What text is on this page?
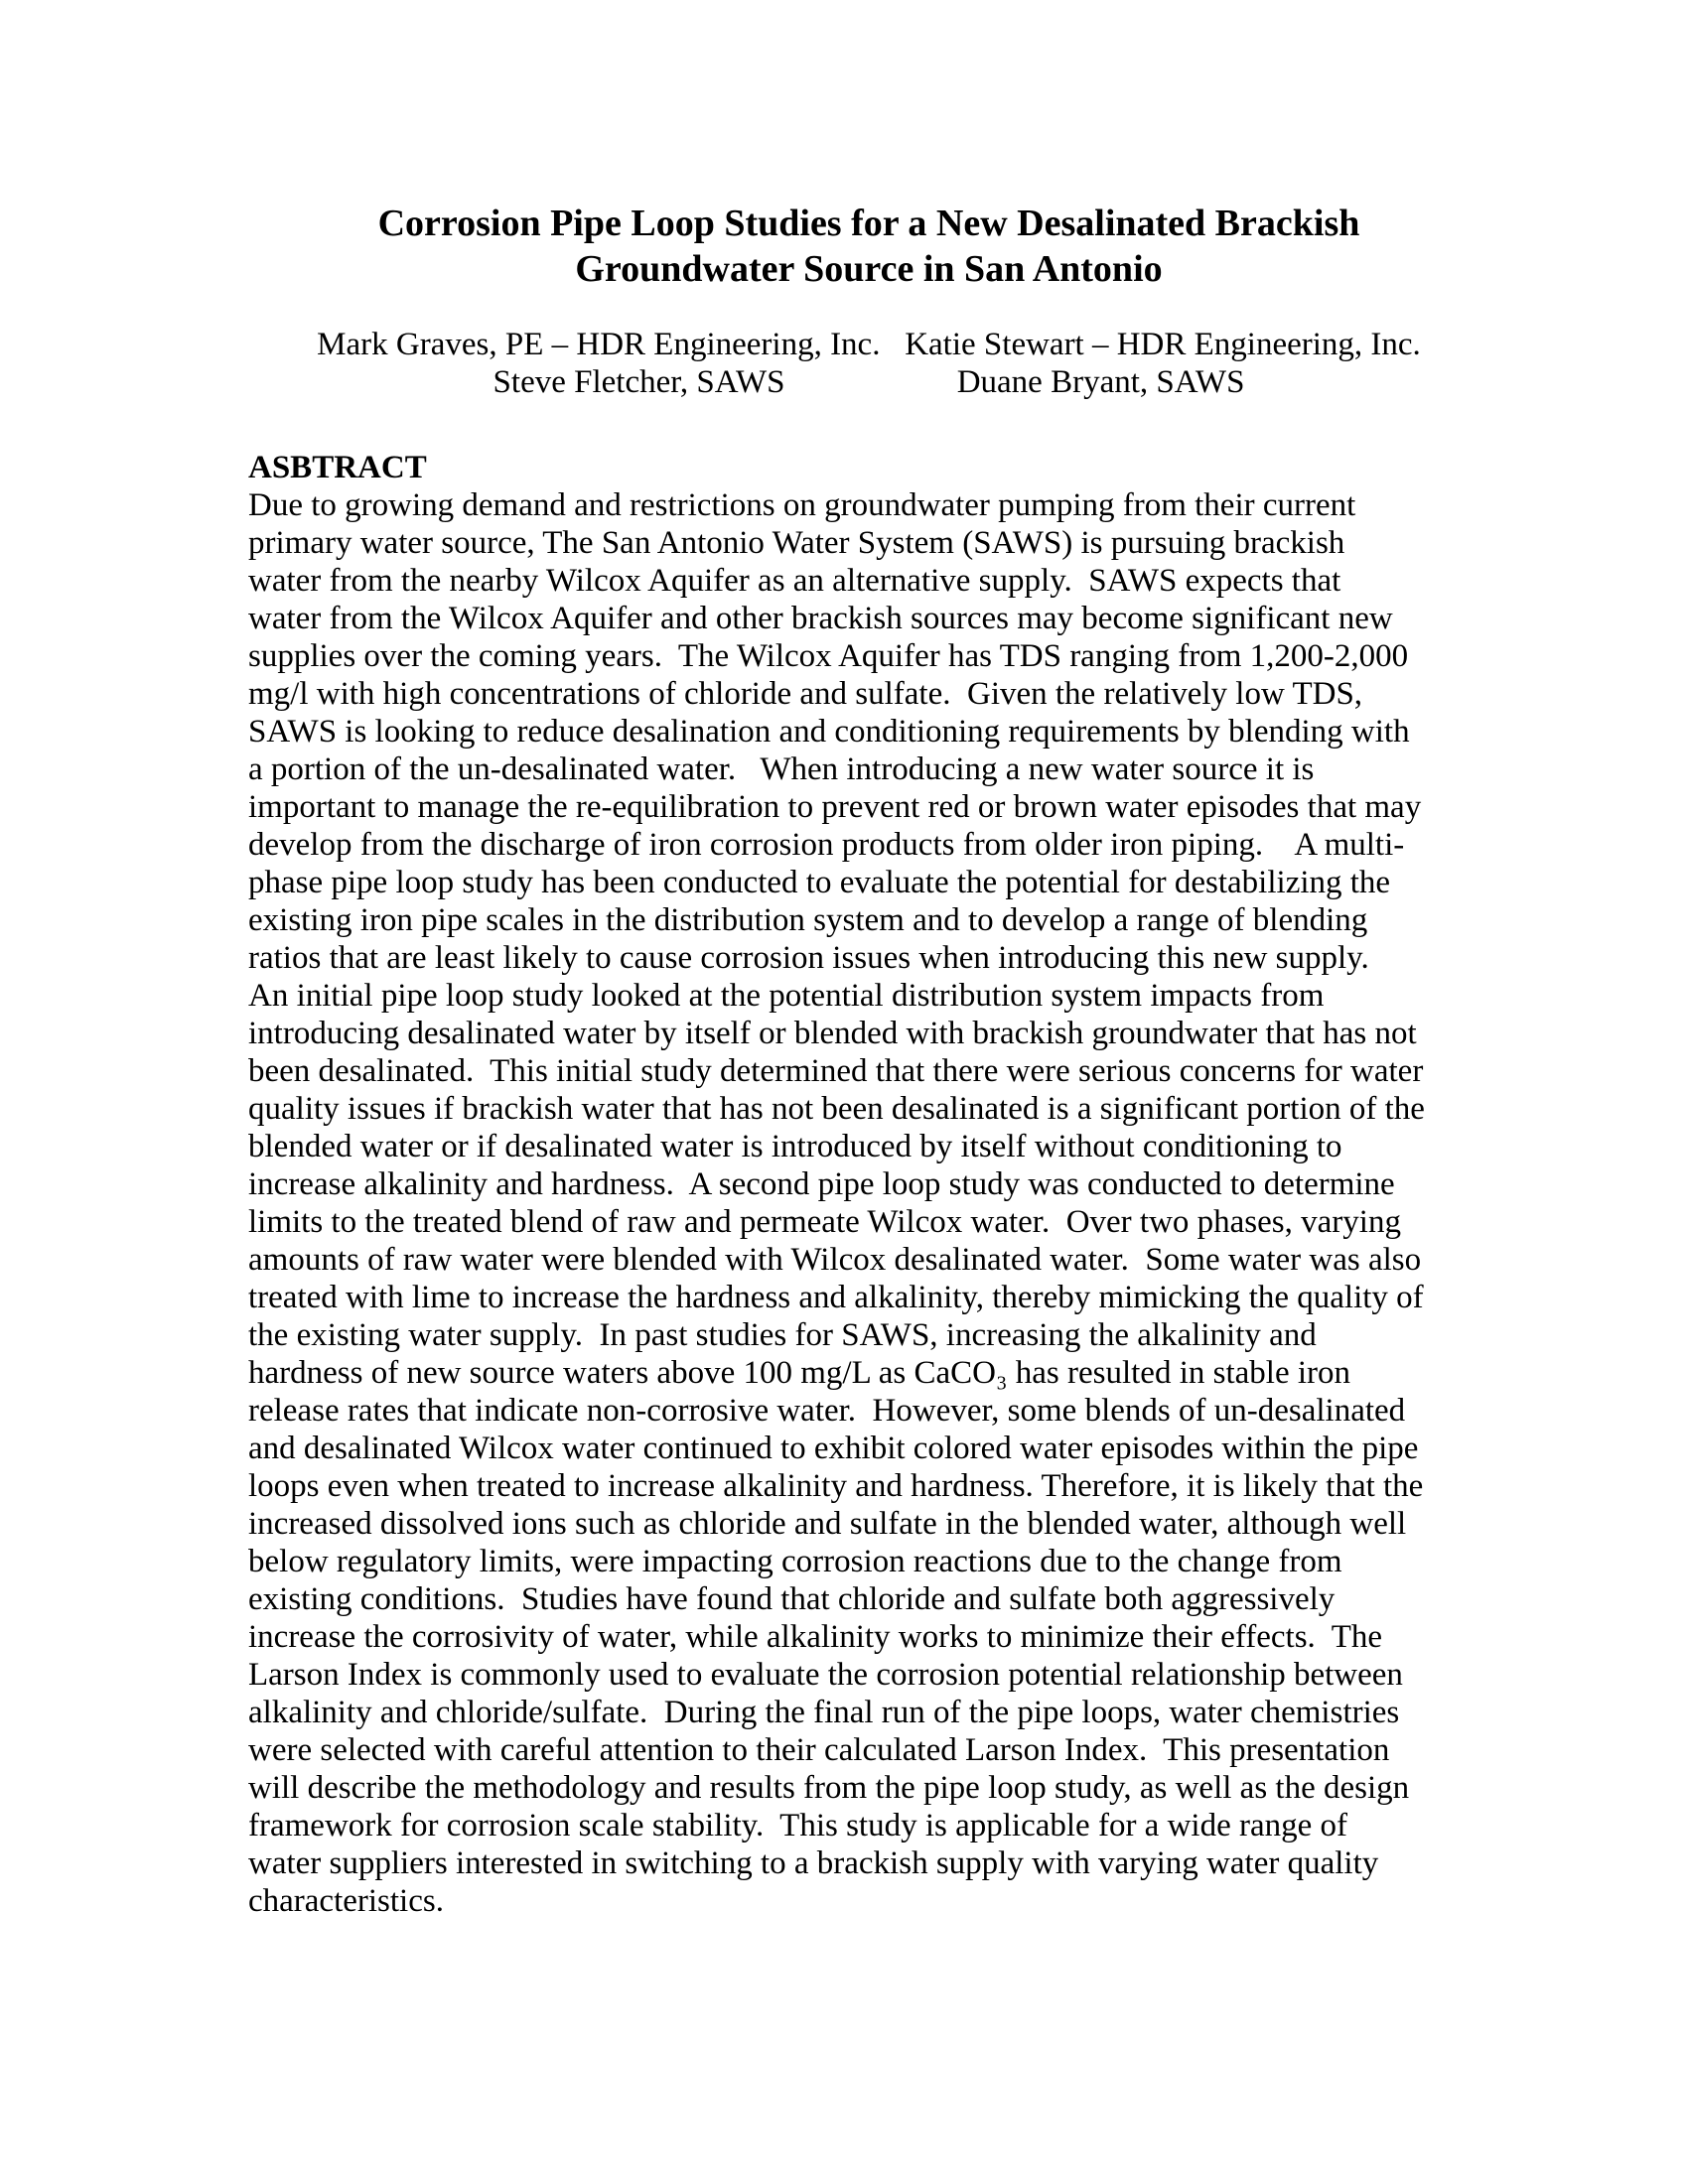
Corrosion Pipe Loop Studies for a New Desalinated Brackish
Groundwater Source in San Antonio
Mark Graves, PE – HDR Engineering, Inc.   Katie Stewart – HDR Engineering, Inc.
Steve Fletcher, SAWS                     Duane Bryant, SAWS
ASBTRACT
Due to growing demand and restrictions on groundwater pumping from their current
primary water source, The San Antonio Water System (SAWS) is pursuing brackish
water from the nearby Wilcox Aquifer as an alternative supply.  SAWS expects that
water from the Wilcox Aquifer and other brackish sources may become significant new
supplies over the coming years.  The Wilcox Aquifer has TDS ranging from 1,200-2,000
mg/l with high concentrations of chloride and sulfate.  Given the relatively low TDS,
SAWS is looking to reduce desalination and conditioning requirements by blending with
a portion of the un-desalinated water.   When introducing a new water source it is
important to manage the re-equilibration to prevent red or brown water episodes that may
develop from the discharge of iron corrosion products from older iron piping.    A multi-
phase pipe loop study has been conducted to evaluate the potential for destabilizing the
existing iron pipe scales in the distribution system and to develop a range of blending
ratios that are least likely to cause corrosion issues when introducing this new supply.
An initial pipe loop study looked at the potential distribution system impacts from
introducing desalinated water by itself or blended with brackish groundwater that has not
been desalinated.  This initial study determined that there were serious concerns for water
quality issues if brackish water that has not been desalinated is a significant portion of the
blended water or if desalinated water is introduced by itself without conditioning to
increase alkalinity and hardness.  A second pipe loop study was conducted to determine
limits to the treated blend of raw and permeate Wilcox water.  Over two phases, varying
amounts of raw water were blended with Wilcox desalinated water.  Some water was also
treated with lime to increase the hardness and alkalinity, thereby mimicking the quality of
the existing water supply.  In past studies for SAWS, increasing the alkalinity and
hardness of new source waters above 100 mg/L as CaCO₃ has resulted in stable iron
release rates that indicate non-corrosive water.  However, some blends of un-desalinated
and desalinated Wilcox water continued to exhibit colored water episodes within the pipe
loops even when treated to increase alkalinity and hardness. Therefore, it is likely that the
increased dissolved ions such as chloride and sulfate in the blended water, although well
below regulatory limits, were impacting corrosion reactions due to the change from
existing conditions.  Studies have found that chloride and sulfate both aggressively
increase the corrosivity of water, while alkalinity works to minimize their effects.  The
Larson Index is commonly used to evaluate the corrosion potential relationship between
alkalinity and chloride/sulfate.  During the final run of the pipe loops, water chemistries
were selected with careful attention to their calculated Larson Index.  This presentation
will describe the methodology and results from the pipe loop study, as well as the design
framework for corrosion scale stability.  This study is applicable for a wide range of
water suppliers interested in switching to a brackish supply with varying water quality
characteristics.
